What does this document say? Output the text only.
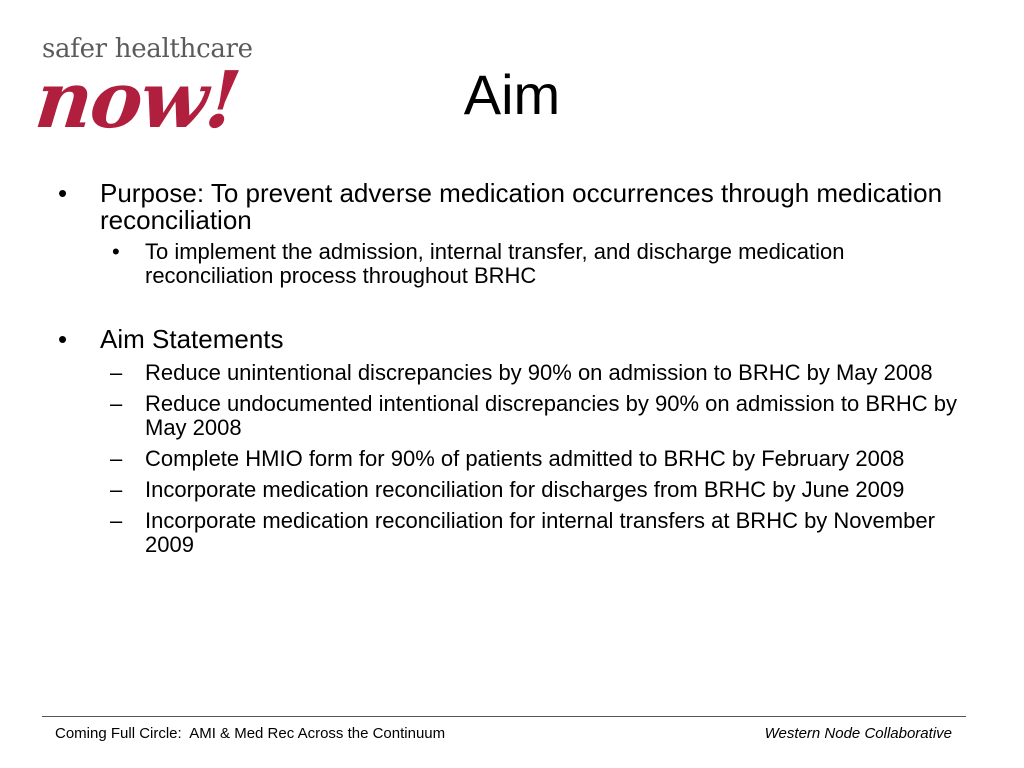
safer healthcare
now!	Aim
• Purpose: To prevent adverse medication occurrences through medication reconciliation
• To implement the admission, internal transfer, and discharge medication reconciliation process throughout BRHC
• Aim Statements
– Reduce unintentional discrepancies by 90% on admission to BRHC by May 2008
– Reduce undocumented intentional discrepancies by 90% on admission to BRHC by May 2008
– Complete HMIO form for 90% of patients admitted to BRHC by February 2008
– Incorporate medication reconciliation for discharges from BRHC by June 2009
– Incorporate medication reconciliation for internal transfers at BRHC by November 2009
Coming Full Circle:  AMI & Med Rec Across the Continuum	Western Node Collaborative
